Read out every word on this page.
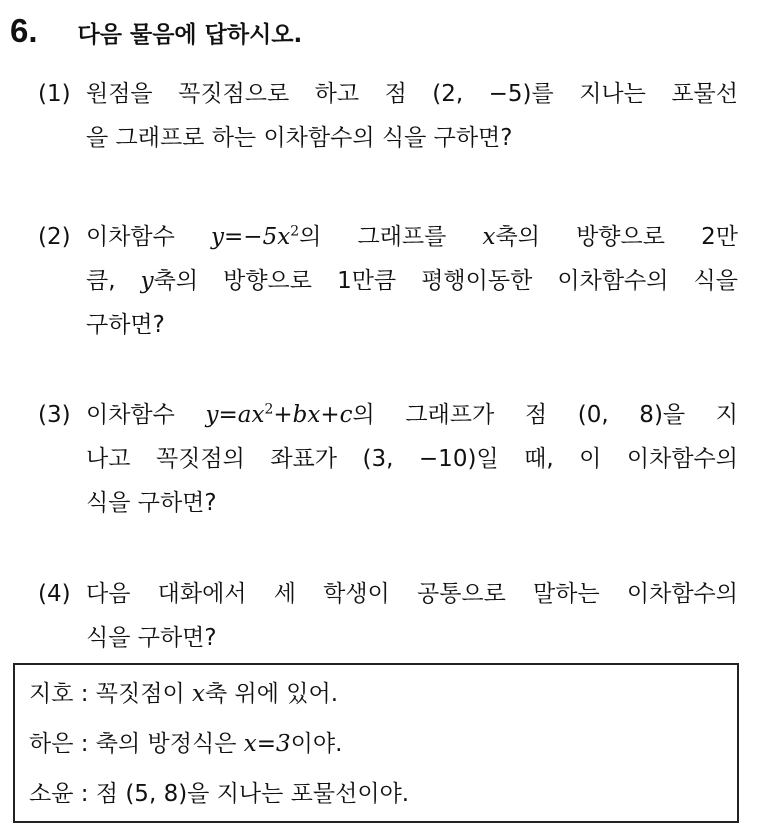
6. 다음 물음에 답하시오.
(1) 원점을 꼭짓점으로 하고 점 (2, −5)를 지나는 포물선
을 그래프로 하는 이차함수의 식을 구하면?
(2) 이차함수 $y=-5x^2$의 그래프를 x축의 방향으로 2만
큼, y축의 방향으로 1만큼 평행이동한 이차함수의 식을
구하면?
(3) 이차함수 $y=ax^2+bx+c$의 그래프가 점 (0, 8)을 지
나고 꼭짓점의 좌표가 (3, −10)일 때, 이 이차함수의
식을 구하면?
(4) 다음 대화에서 세 학생이 공통으로 말하는 이차함수의
식을 구하면?
지호 : 꼭짓점이 x축 위에 있어.
하은 : 축의 방정식은 x=3이야.
소윤 : 점 (5, 8)을 지나는 포물선이야.
